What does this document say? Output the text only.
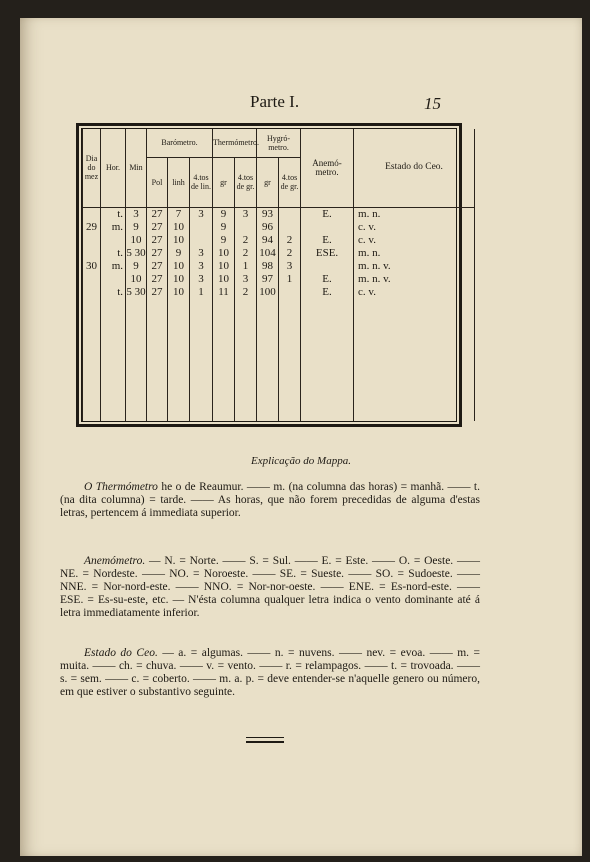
Parte I.	15
Dia do mez	Hor.	Min	Barómetro.			Thermómetro.		Hygró-metro.		Anemó-metro.	Estado do Ceo.
			Pol	linh	4.tos de lin.	gr	4.tos de gr.	gr	4.tos de gr.		
	t.	3	27	7	3	9	3	93		E.	m. n.
29	m.	9	27	10		9		96			c. v.
		10	27	10		9	2	94	2	E.	c. v.
	t.	5 30	27	9	3	10	2	104	2	ESE.	m. n.
30	m.	9	27	10	3	10	1	98	3		m. n. v.
		10	27	10	3	10	3	97	1	E.	m. n. v.
	t.	5 30	27	10	1	11	2	100		E.	c. v.

Explicação do Mappa.
O Thermómetro he o de Reaumur. —— m. (na columna das horas) = manhã. —— t. (na dita columna) = tarde. —— As horas, que não forem precedidas de alguma d'estas letras, pertencem á immediata superior.
Anemómetro. — N. = Norte. —— S. = Sul. —— E. = Este. —— O. = Oeste. —— NE. = Nordeste. —— NO. = Noroeste. —— SE. = Sueste. —— SO. = Sudoeste. —— NNE. = Nor-nord-este. —— NNO. = Nor-nor-oeste. —— ENE. = Es-nord-este. —— ESE. = Es-su-este, etc. — N'ésta columna qualquer letra indica o vento dominante até á letra immediatamente inferior.
Estado do Ceo. — a. = algumas. —— n. = nuvens. —— nev. = evoa. —— m. = muita. —— ch. = chuva. —— v. = vento. —— r. = relampagos. —— t. = trovoada. —— s. = sem. —— c. = coberto. —— m. a. p. = deve entender-se n'aquelle genero ou número, em que estiver o substantivo seguinte.
